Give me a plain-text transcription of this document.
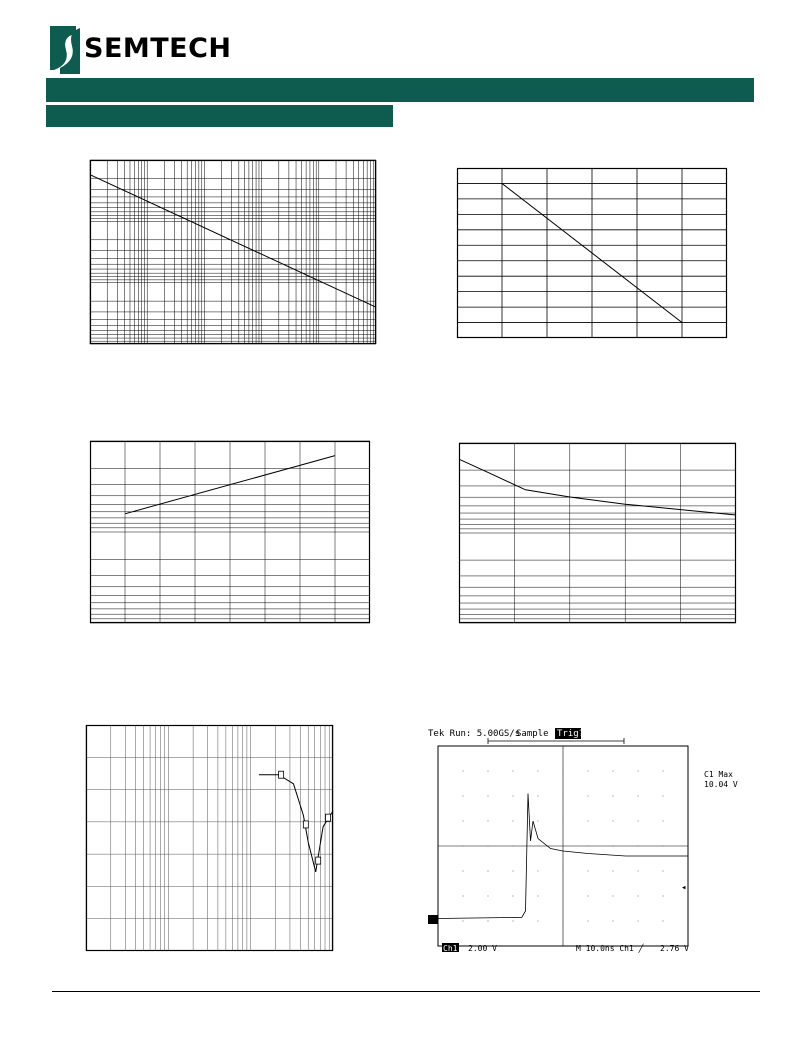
SEMTECH
Tek Run: 5.00GS/s
Sample Trig?
C1 Max
10.04 V
◂
Ch1 2.00 V	M 10.0ns Ch1 ╱ 2.76 V
